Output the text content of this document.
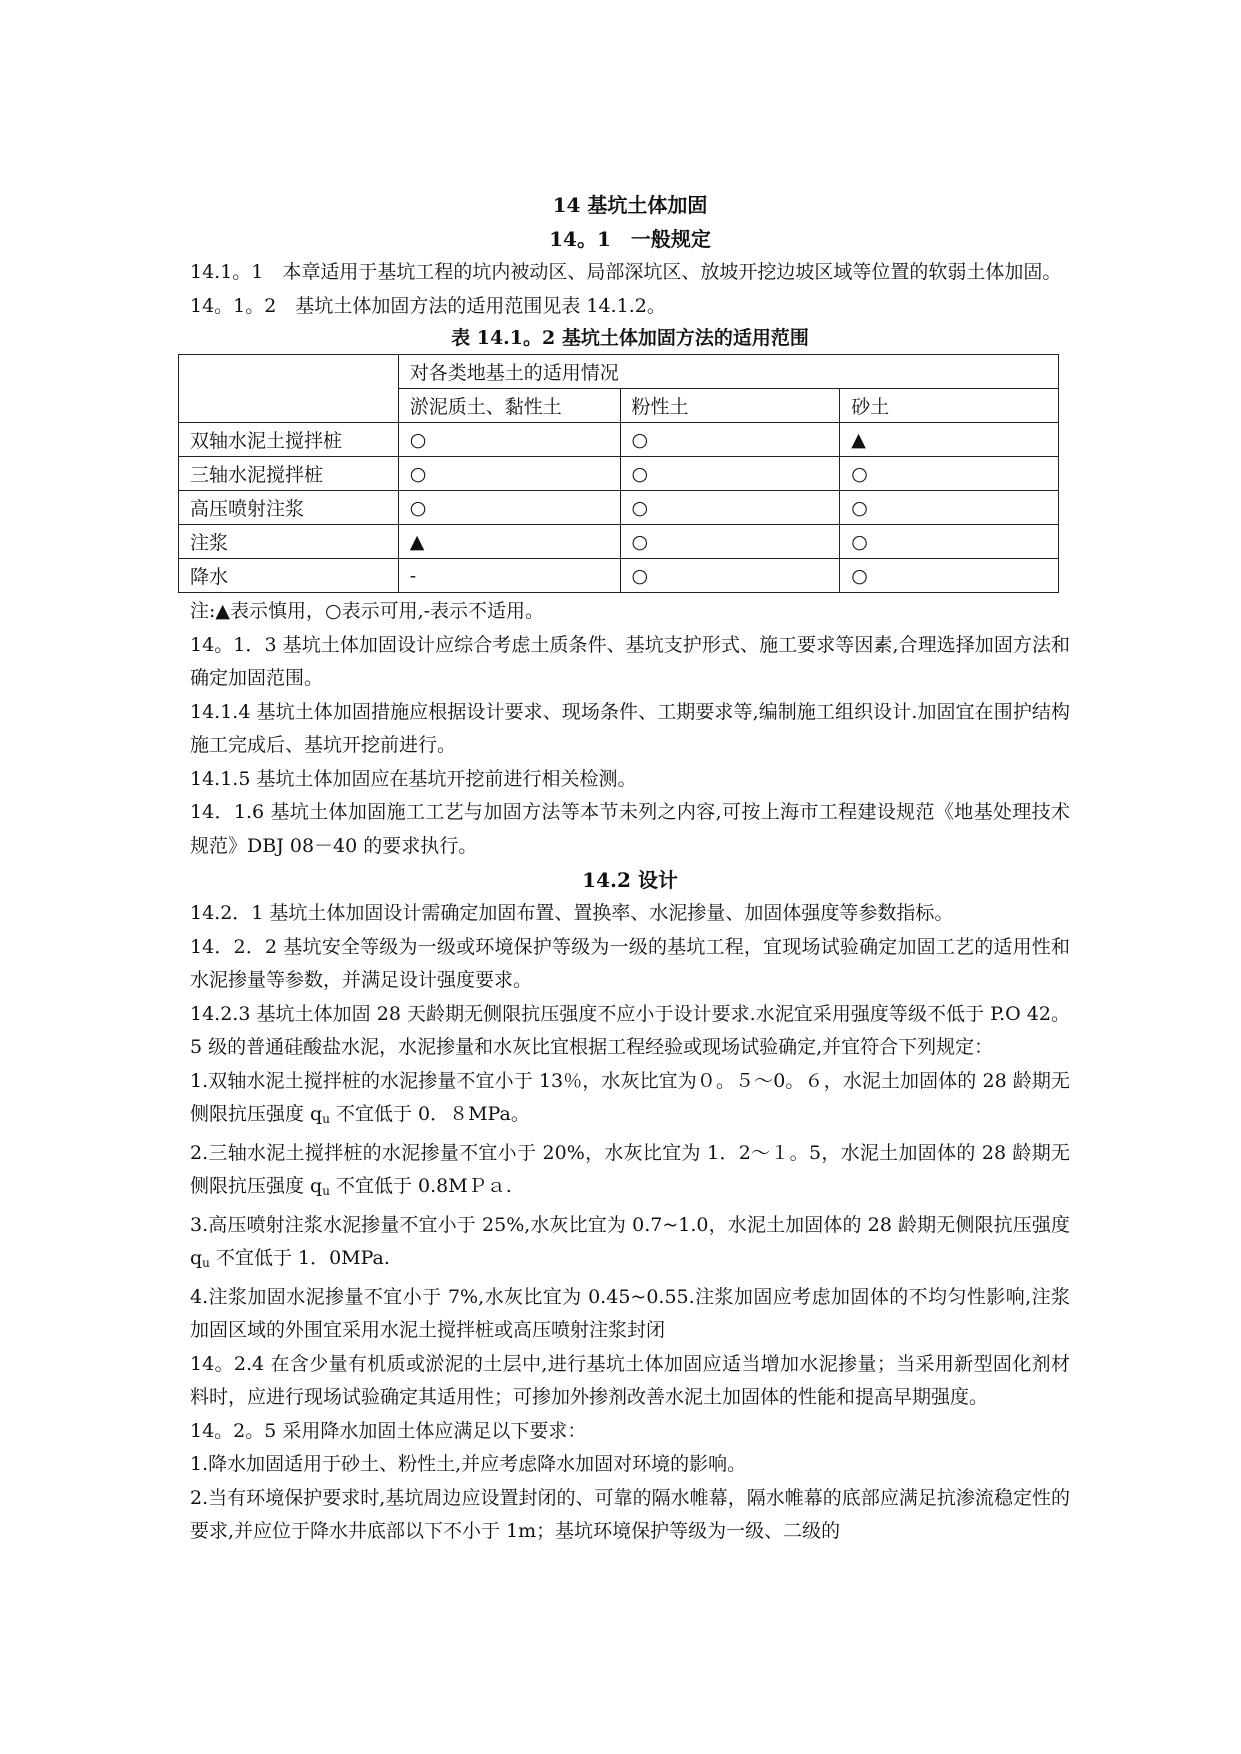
14 基坑土体加固
14。1　一般规定
14.1。1　本章适用于基坑工程的坑内被动区、局部深坑区、放坡开挖边坡区域等位置的软弱土体加固。
14。1。2　基坑土体加固方法的适用范围见表 14.1.2。
表 14.1。2 基坑土体加固方法的适用范围
	对各类地基土的适用情况		
	淤泥质土、黏性土	粉性土	砂土
双轴水泥土搅拌桩	○	○	▲
三轴水泥搅拌桩	○	○	○
高压喷射注浆	○	○	○
注浆	▲	○	○
降水	-	○	○
注:▲表示慎用，○表示可用,-表示不适用。
14。1．3 基坑土体加固设计应综合考虑土质条件、基坑支护形式、施工要求等因素,合理选择加固方法和确定加固范围。
14.1.4 基坑土体加固措施应根据设计要求、现场条件、工期要求等,编制施工组织设计.加固宜在围护结构施工完成后、基坑开挖前进行。
14.1.5 基坑土体加固应在基坑开挖前进行相关检测。
14．1.6 基坑土体加固施工工艺与加固方法等本节未列之内容,可按上海市工程建设规范《地基处理技术规范》DBJ 08－40 的要求执行。
14.2 设计
14.2．1 基坑土体加固设计需确定加固布置、置换率、水泥掺量、加固体强度等参数指标。
14．2．2 基坑安全等级为一级或环境保护等级为一级的基坑工程，宜现场试验确定加固工艺的适用性和水泥掺量等参数，并满足设计强度要求。
14.2.3 基坑土体加固 28 天龄期无侧限抗压强度不应小于设计要求.水泥宜采用强度等级不低于 P.O 42。5 级的普通硅酸盐水泥，水泥掺量和水灰比宜根据工程经验或现场试验确定,并宜符合下列规定：
1.双轴水泥土搅拌桩的水泥掺量不宜小于 13％，水灰比宜为０。５～0。６，水泥土加固体的 28 龄期无侧限抗压强度 $q_u$ 不宜低于 0．８MPa。
2.三轴水泥土搅拌桩的水泥掺量不宜小于 20%，水灰比宜为 1．2～１。5，水泥土加固体的 28 龄期无侧限抗压强度 $q_u$ 不宜低于 0.8MＰａ.
3.高压喷射注浆水泥掺量不宜小于 25%,水灰比宜为 0.7~1.0，水泥土加固体的 28 龄期无侧限抗压强度 $q_u$ 不宜低于 1．0MPa.
4.注浆加固水泥掺量不宜小于 7%,水灰比宜为 0.45~0.55.注浆加固应考虑加固体的不均匀性影响,注浆加固区域的外围宜采用水泥土搅拌桩或高压喷射注浆封闭
14。2.4 在含少量有机质或淤泥的土层中,进行基坑土体加固应适当增加水泥掺量；当采用新型固化剂材料时，应进行现场试验确定其适用性；可掺加外掺剂改善水泥土加固体的性能和提高早期强度。
14。2。5 采用降水加固土体应满足以下要求：
1.降水加固适用于砂土、粉性土,并应考虑降水加固对环境的影响。
2.当有环境保护要求时,基坑周边应设置封闭的、可靠的隔水帷幕，隔水帷幕的底部应满足抗渗流稳定性的要求,并应位于降水井底部以下不小于 1m；基坑环境保护等级为一级、二级的
